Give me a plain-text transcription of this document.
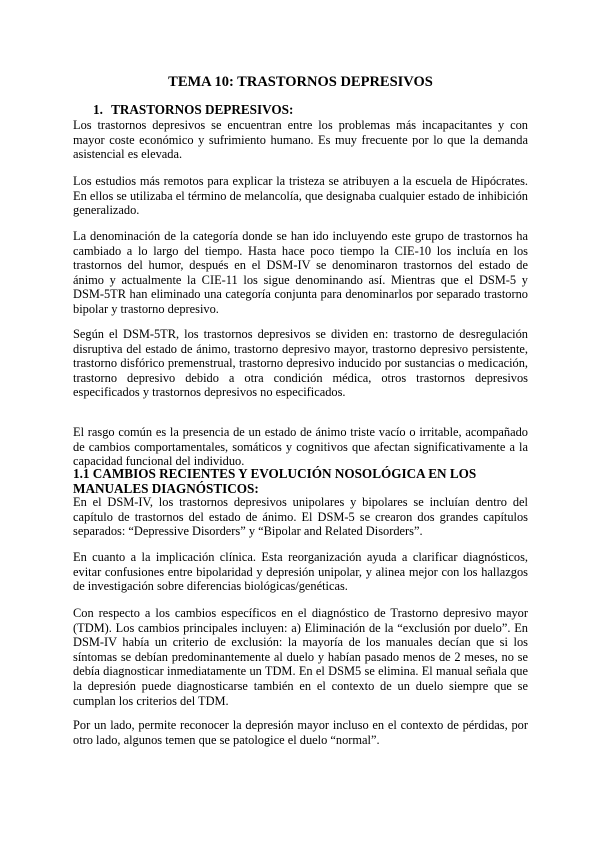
TEMA 10: TRASTORNOS DEPRESIVOS
1. TRASTORNOS DEPRESIVOS:

Los trastornos depresivos se encuentran entre los problemas más incapacitantes y con mayor coste económico y sufrimiento humano. Es muy frecuente por lo que la demanda asistencial es elevada.

Los estudios más remotos para explicar la tristeza se atribuyen a la escuela de Hipócrates. En ellos se utilizaba el término de melancolía, que designaba cualquier estado de inhibición generalizado.

La denominación de la categoría donde se han ido incluyendo este grupo de trastornos ha cambiado a lo largo del tiempo. Hasta hace poco tiempo la CIE-10 los incluía en los trastornos del humor, después en el DSM-IV se denominaron trastornos del estado de ánimo y actualmente la CIE-11 los sigue denominando así. Mientras que el DSM-5 y DSM-5TR han eliminado una categoría conjunta para denominarlos por separado trastorno bipolar y trastorno depresivo.

Según el DSM-5TR, los trastornos depresivos se dividen en: trastorno de desregulación disruptiva del estado de ánimo, trastorno depresivo mayor, trastorno depresivo persistente, trastorno disfórico premenstrual, trastorno depresivo inducido por sustancias o medicación, trastorno depresivo debido a otra condición médica, otros trastornos depresivos especificados y trastornos depresivos no especificados.

El rasgo común es la presencia de un estado de ánimo triste vacío o irritable, acompañado de cambios comportamentales, somáticos y cognitivos que afectan significativamente a la capacidad funcional del individuo.

1.1 CAMBIOS RECIENTES Y EVOLUCIÓN NOSOLÓGICA EN LOS MANUALES DIAGNÓSTICOS:

En el DSM-IV, los trastornos depresivos unipolares y bipolares se incluían dentro del capítulo de trastornos del estado de ánimo. El DSM-5 se crearon dos grandes capítulos separados: “Depressive Disorders” y “Bipolar and Related Disorders”.

En cuanto a la implicación clínica. Esta reorganización ayuda a clarificar diagnósticos, evitar confusiones entre bipolaridad y depresión unipolar, y alinea mejor con los hallazgos de investigación sobre diferencias biológicas/genéticas.

Con respecto a los cambios específicos en el diagnóstico de Trastorno depresivo mayor (TDM). Los cambios principales incluyen: a) Eliminación de la “exclusión por duelo”. En DSM-IV había un criterio de exclusión: la mayoría de los manuales decían que si los síntomas se debían predominantemente al duelo y habían pasado menos de 2 meses, no se debía diagnosticar inmediatamente un TDM. En el DSM5 se elimina. El manual señala que la depresión puede diagnosticarse también en el contexto de un duelo siempre que se cumplan los criterios del TDM.

Por un lado, permite reconocer la depresión mayor incluso en el contexto de pérdidas, por otro lado, algunos temen que se patologice el duelo “normal”.
